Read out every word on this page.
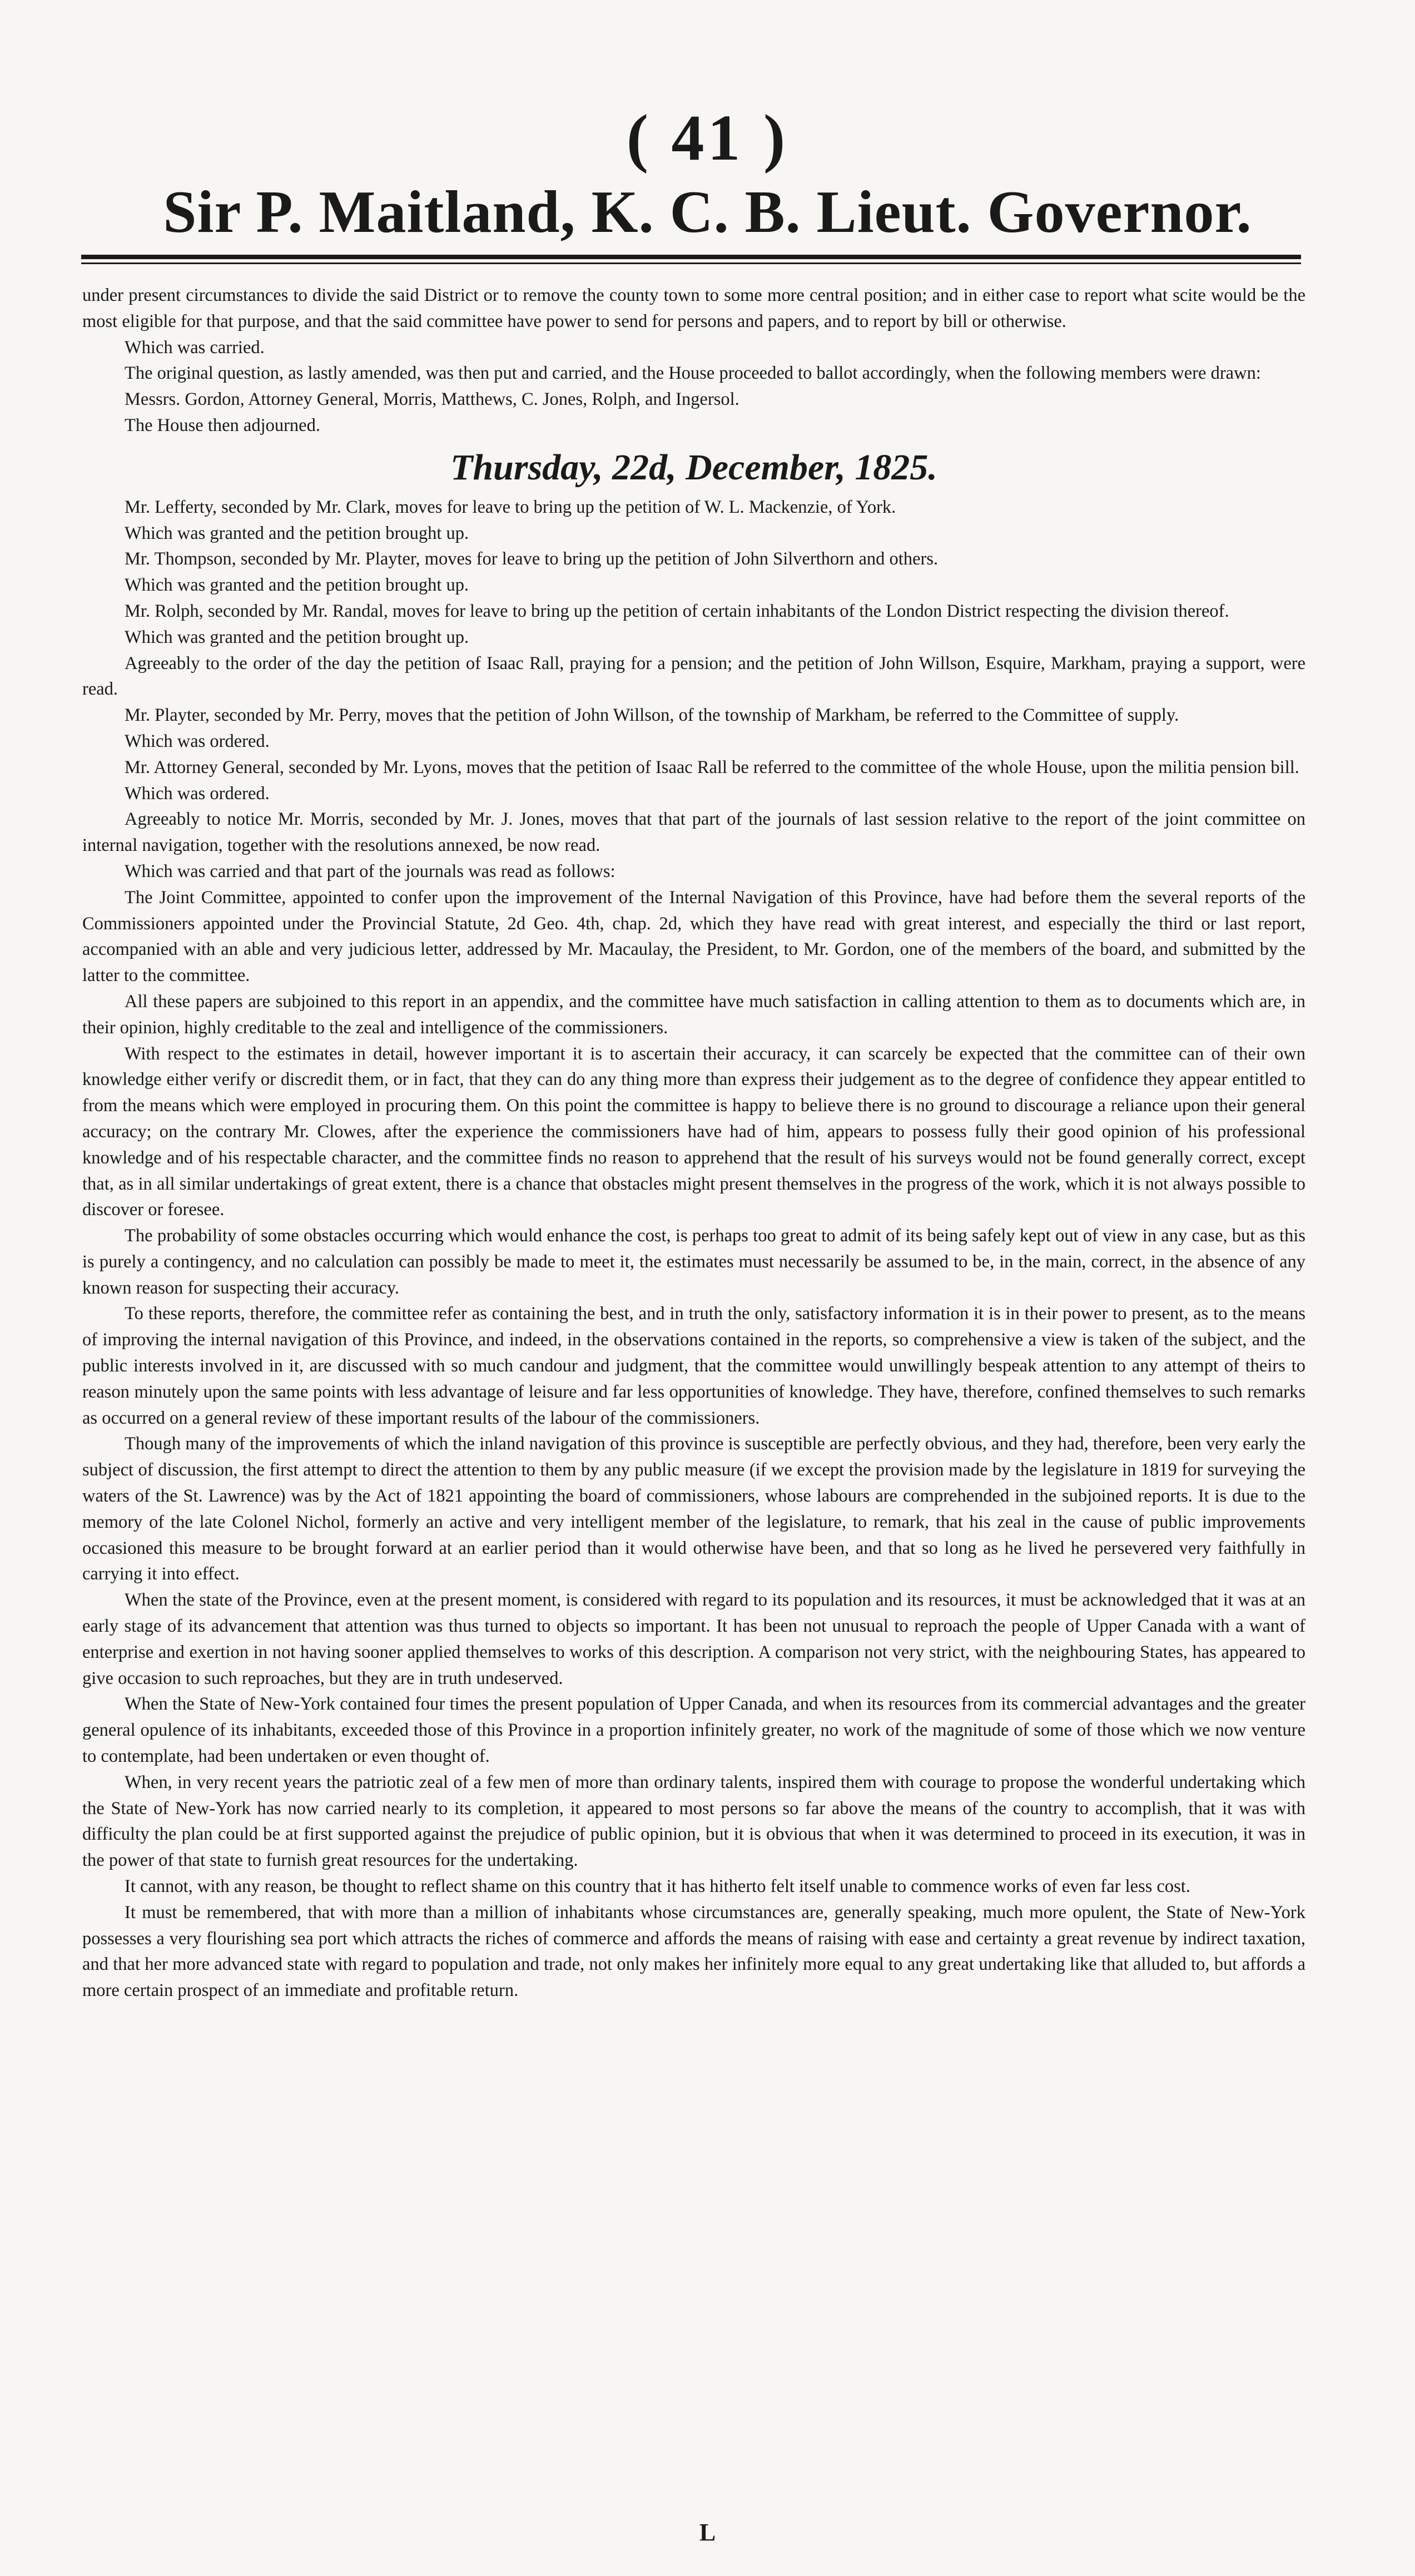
( 41 )
Sir P. Maitland, K. C. B. Lieut. Governor.

under present circumstances to divide the said District or to remove the county town to some more central position; and in either case to report what scite would be the most eligible for that purpose, and that the said committee have power to send for persons and papers, and to report by bill or otherwise.

Which was carried.

The original question, as lastly amended, was then put and carried, and the House proceeded to ballot accordingly, when the following members were drawn:

Messrs. Gordon, Attorney General, Morris, Matthews, C. Jones, Rolph, and Ingersol.

The House then adjourned.

Thursday, 22d, December, 1825.

Mr. Lefferty, seconded by Mr. Clark, moves for leave to bring up the petition of W. L. Mackenzie, of York.

Which was granted and the petition brought up.

Mr. Thompson, seconded by Mr. Playter, moves for leave to bring up the petition of John Silverthorn and others.

Which was granted and the petition brought up.

Mr. Rolph, seconded by Mr. Randal, moves for leave to bring up the petition of certain inhabitants of the London District respecting the division thereof.

Which was granted and the petition brought up.

Agreeably to the order of the day the petition of Isaac Rall, praying for a pension; and the petition of John Willson, Esquire, Markham, praying a support, were read.

Mr. Playter, seconded by Mr. Perry, moves that the petition of John Willson, of the township of Markham, be referred to the Committee of supply.

Which was ordered.

Mr. Attorney General, seconded by Mr. Lyons, moves that the petition of Isaac Rall be referred to the committee of the whole House, upon the militia pension bill.

Which was ordered.

Agreeably to notice Mr. Morris, seconded by Mr. J. Jones, moves that that part of the journals of last session relative to the report of the joint committee on internal navigation, together with the resolutions annexed, be now read.

Which was carried and that part of the journals was read as follows:

The Joint Committee, appointed to confer upon the improvement of the Internal Navigation of this Province, have had before them the several reports of the Commissioners appointed under the Provincial Statute, 2d Geo. 4th, chap. 2d, which they have read with great interest, and especially the third or last report, accompanied with an able and very judicious letter, addressed by Mr. Macaulay, the President, to Mr. Gordon, one of the members of the board, and submitted by the latter to the committee.

All these papers are subjoined to this report in an appendix, and the committee have much satisfaction in calling attention to them as to documents which are, in their opinion, highly creditable to the zeal and intelligence of the commissioners.

With respect to the estimates in detail, however important it is to ascertain their accuracy, it can scarcely be expected that the committee can of their own knowledge either verify or discredit them, or in fact, that they can do any thing more than express their judgement as to the degree of confidence they appear entitled to from the means which were employed in procuring them. On this point the committee is happy to believe there is no ground to discourage a reliance upon their general accuracy; on the contrary Mr. Clowes, after the experience the commissioners have had of him, appears to possess fully their good opinion of his professional knowledge and of his respectable character, and the committee finds no reason to apprehend that the result of his surveys would not be found generally correct, except that, as in all similar undertakings of great extent, there is a chance that obstacles might present themselves in the progress of the work, which it is not always possible to discover or foresee.

The probability of some obstacles occurring which would enhance the cost, is perhaps too great to admit of its being safely kept out of view in any case, but as this is purely a contingency, and no calculation can possibly be made to meet it, the estimates must necessarily be assumed to be, in the main, correct, in the absence of any known reason for suspecting their accuracy.

To these reports, therefore, the committee refer as containing the best, and in truth the only, satisfactory information it is in their power to present, as to the means of improving the internal navigation of this Province, and indeed, in the observations contained in the reports, so comprehensive a view is taken of the subject, and the public interests involved in it, are discussed with so much candour and judgment, that the committee would unwillingly bespeak attention to any attempt of theirs to reason minutely upon the same points with less advantage of leisure and far less opportunities of knowledge. They have, therefore, confined themselves to such remarks as occurred on a general review of these important results of the labour of the commissioners.

Though many of the improvements of which the inland navigation of this province is susceptible are perfectly obvious, and they had, therefore, been very early the subject of discussion, the first attempt to direct the attention to them by any public measure (if we except the provision made by the legislature in 1819 for surveying the waters of the St. Lawrence) was by the Act of 1821 appointing the board of commissioners, whose labours are comprehended in the subjoined reports. It is due to the memory of the late Colonel Nichol, formerly an active and very intelligent member of the legislature, to remark, that his zeal in the cause of public improvements occasioned this measure to be brought forward at an earlier period than it would otherwise have been, and that so long as he lived he persevered very faithfully in carrying it into effect.

When the state of the Province, even at the present moment, is considered with regard to its population and its resources, it must be acknowledged that it was at an early stage of its advancement that attention was thus turned to objects so important. It has been not unusual to reproach the people of Upper Canada with a want of enterprise and exertion in not having sooner applied themselves to works of this description. A comparison not very strict, with the neighbouring States, has appeared to give occasion to such reproaches, but they are in truth undeserved.

When the State of New-York contained four times the present population of Upper Canada, and when its resources from its commercial advantages and the greater general opulence of its inhabitants, exceeded those of this Province in a proportion infinitely greater, no work of the magnitude of some of those which we now venture to contemplate, had been undertaken or even thought of.

When, in very recent years the patriotic zeal of a few men of more than ordinary talents, inspired them with courage to propose the wonderful undertaking which the State of New-York has now carried nearly to its completion, it appeared to most persons so far above the means of the country to accomplish, that it was with difficulty the plan could be at first supported against the prejudice of public opinion, but it is obvious that when it was determined to proceed in its execution, it was in the power of that state to furnish great resources for the undertaking.

It cannot, with any reason, be thought to reflect shame on this country that it has hitherto felt itself unable to commence works of even far less cost.

It must be remembered, that with more than a million of inhabitants whose circumstances are, generally speaking, much more opulent, the State of New-York possesses a very flourishing sea port which attracts the riches of commerce and affords the means of raising with ease and certainty a great revenue by indirect taxation, and that her more advanced state with regard to population and trade, not only makes her infinitely more equal to any great undertaking like that alluded to, but affords a more certain prospect of an immediate and profitable return.

L
